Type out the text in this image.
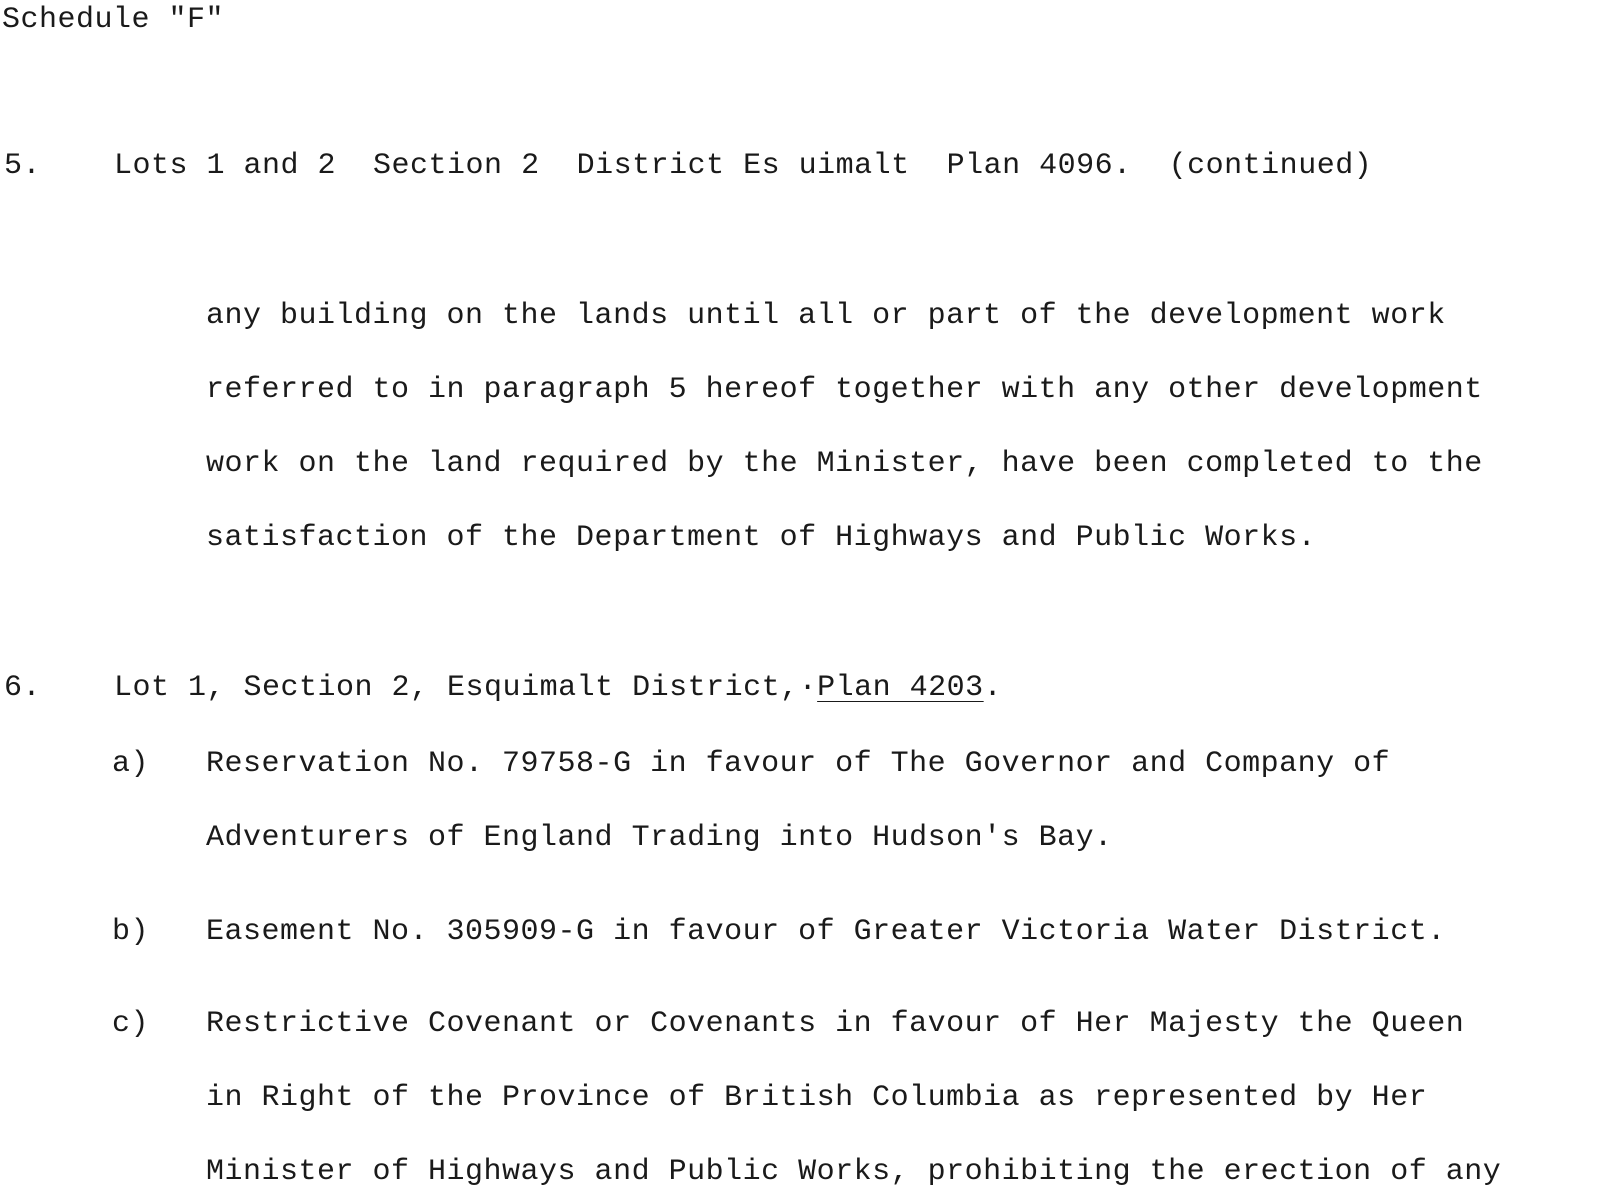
Schedule "F"
5. Lots 1 and 2  Section 2  District Es uimalt  Plan 4096.  (continued)
any building on the lands until all or part of the development work
referred to in paragraph 5 hereof together with any other development
work on the land required by the Minister, have been completed to the
satisfaction of the Department of Highways and Public Works.
6. Lot 1, Section 2, Esquimalt District,·Plan 4203.
a) Reservation No. 79758-G in favour of The Governor and Company of
Adventurers of England Trading into Hudson's Bay.
b) Easement No. 305909-G in favour of Greater Victoria Water District.
c) Restrictive Covenant or Covenants in favour of Her Majesty the Queen
in Right of the Province of British Columbia as represented by Her
Minister of Highways and Public Works, prohibiting the erection of any
